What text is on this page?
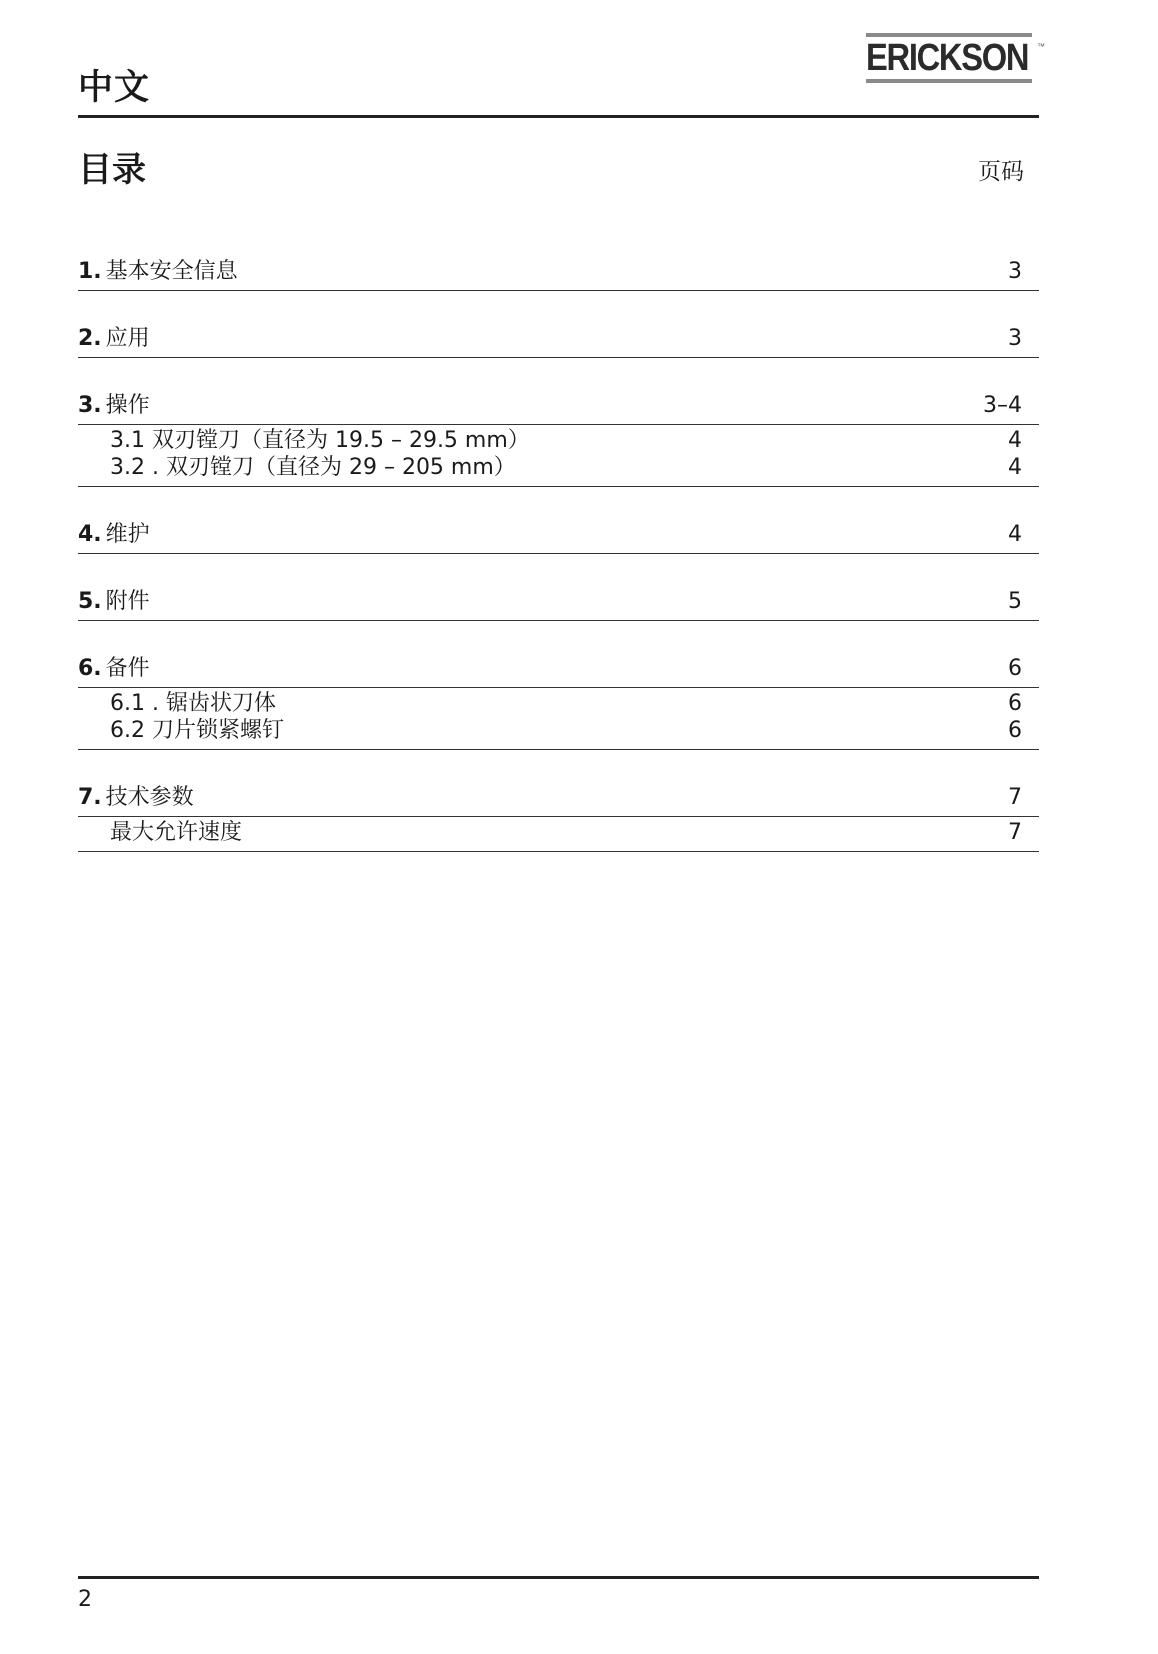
ERICKSON ™
中文
目录	页码
1. 基本安全信息	3
2. 应用	3
3. 操作	3–4
3.1 双刃镗刀（直径为 19.5 – 29.5 mm）	4
3.2 . 双刃镗刀（直径为 29 – 205 mm）	4
4. 维护	4
5. 附件	5
6. 备件	6
6.1 . 锯齿状刀体	6
6.2 刀片锁紧螺钉	6
7. 技术参数	7
最大允许速度	7
2
